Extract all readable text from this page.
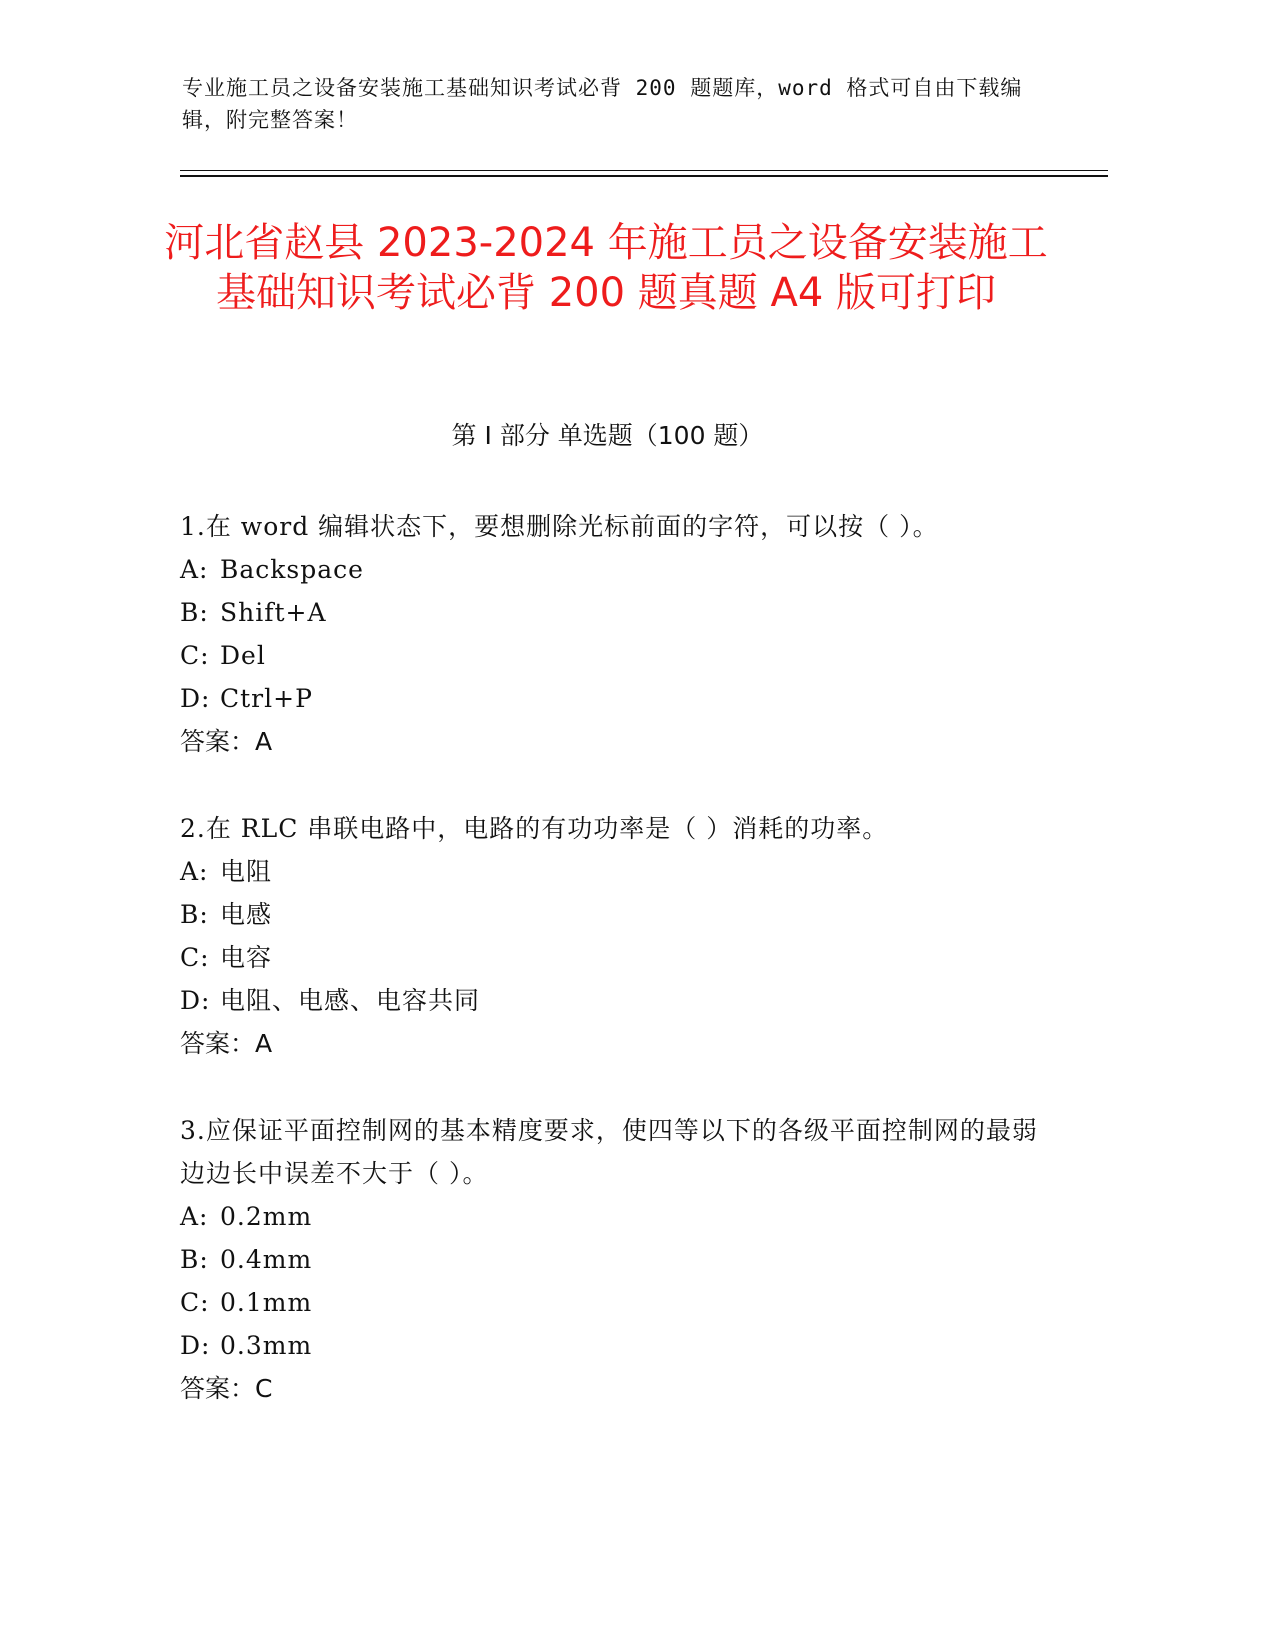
专业施工员之设备安装施工基础知识考试必背 200 题题库，word 格式可自由下载编辑，附完整答案！
河北省赵县 2023-2024 年施工员之设备安装施工基础知识考试必背 200 题真题 A4 版可打印
第 I 部分 单选题（100 题）
1.在 word 编辑状态下，要想删除光标前面的字符，可以按（ ）。
A: Backspace
B: Shift+A
C: Del
D: Ctrl+P
答案：A
2.在 RLC 串联电路中，电路的有功功率是（ ）消耗的功率。
A: 电阻
B: 电感
C: 电容
D: 电阻、电感、电容共同
答案：A
3.应保证平面控制网的基本精度要求，使四等以下的各级平面控制网的最弱边边长中误差不大于（ ）。
A: 0.2mm
B: 0.4mm
C: 0.1mm
D: 0.3mm
答案：C
